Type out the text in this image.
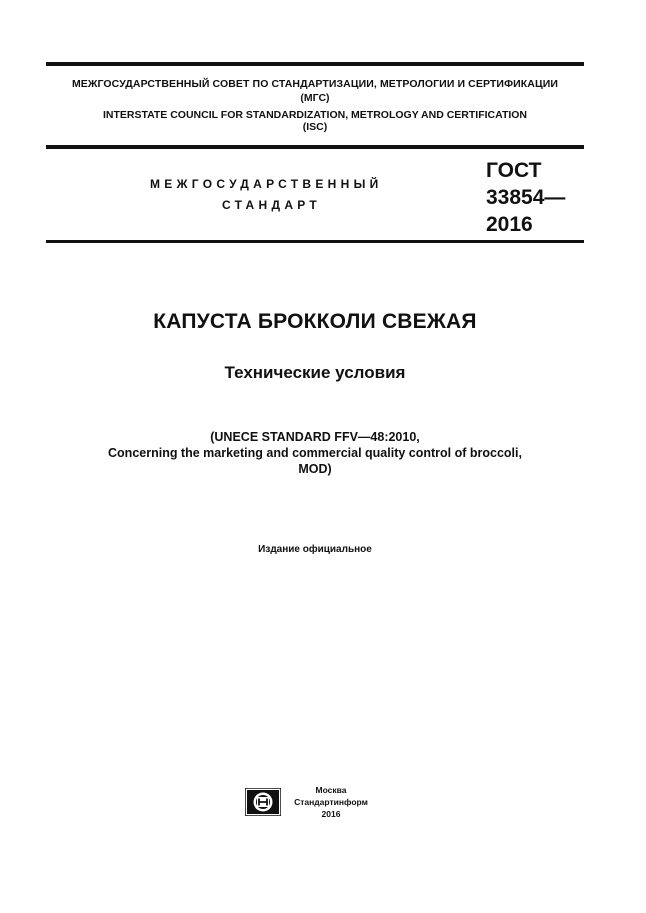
МЕЖГОСУДАРСТВЕННЫЙ СОВЕТ ПО СТАНДАРТИЗАЦИИ, МЕТРОЛОГИИ И СЕРТИФИКАЦИИ
(МГС)
INTERSTATE COUNCIL FOR STANDARDIZATION, METROLOGY AND CERTIFICATION
(ISC)
МЕЖГОСУДАРСТВЕННЫЙ
СТАНДАРТ
ГОСТ
33854—
2016
КАПУСТА БРОККОЛИ СВЕЖАЯ
Технические условия
(UNECE STANDARD FFV—48:2010,
Concerning the marketing and commercial quality control of broccoli,
MOD)
Издание официальное
Москва
Стандартинформ
2016
